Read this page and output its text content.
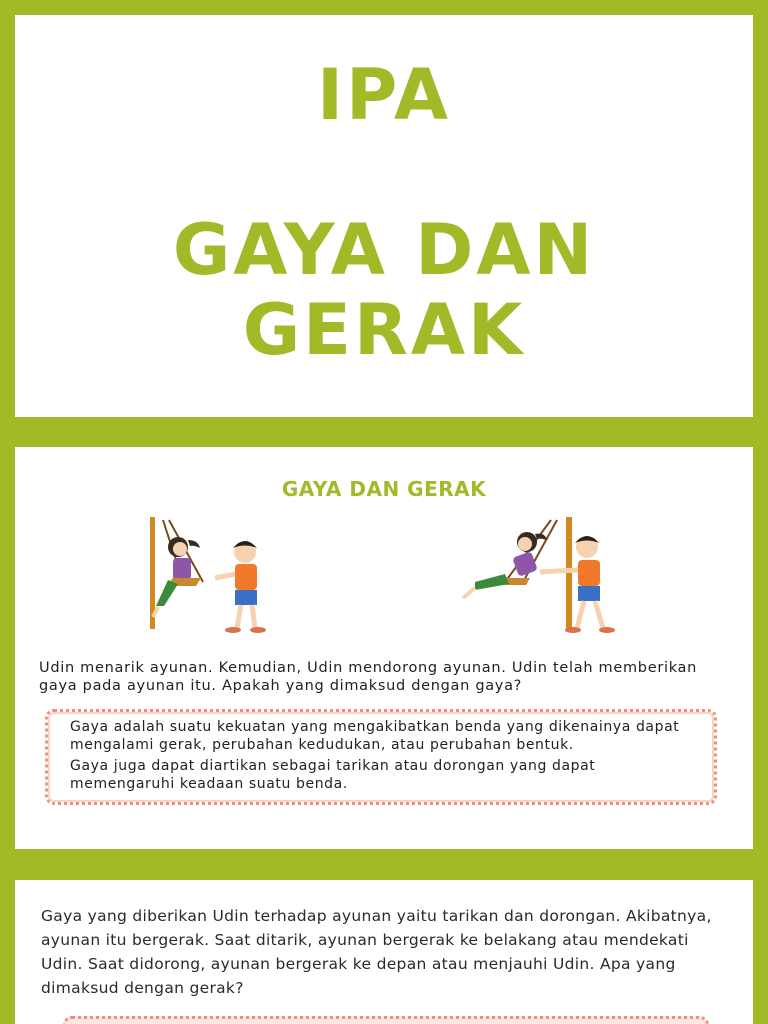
IPA
GAYA DAN
GERAK
GAYA DAN GERAK
Udin menarik ayunan. Kemudian, Udin mendorong ayunan. Udin telah memberikan gaya pada ayunan itu. Apakah yang dimaksud dengan gaya?
Gaya adalah suatu kekuatan yang mengakibatkan benda yang dikenainya dapat mengalami gerak, perubahan kedudukan, atau perubahan bentuk.
Gaya juga dapat diartikan sebagai tarikan atau dorongan yang dapat memengaruhi keadaan suatu benda.
Gaya yang diberikan Udin terhadap ayunan yaitu tarikan dan dorongan. Akibatnya, ayunan itu bergerak. Saat ditarik, ayunan bergerak ke belakang atau mendekati Udin. Saat didorong, ayunan bergerak ke depan atau menjauhi Udin. Apa yang dimaksud dengan gerak?
